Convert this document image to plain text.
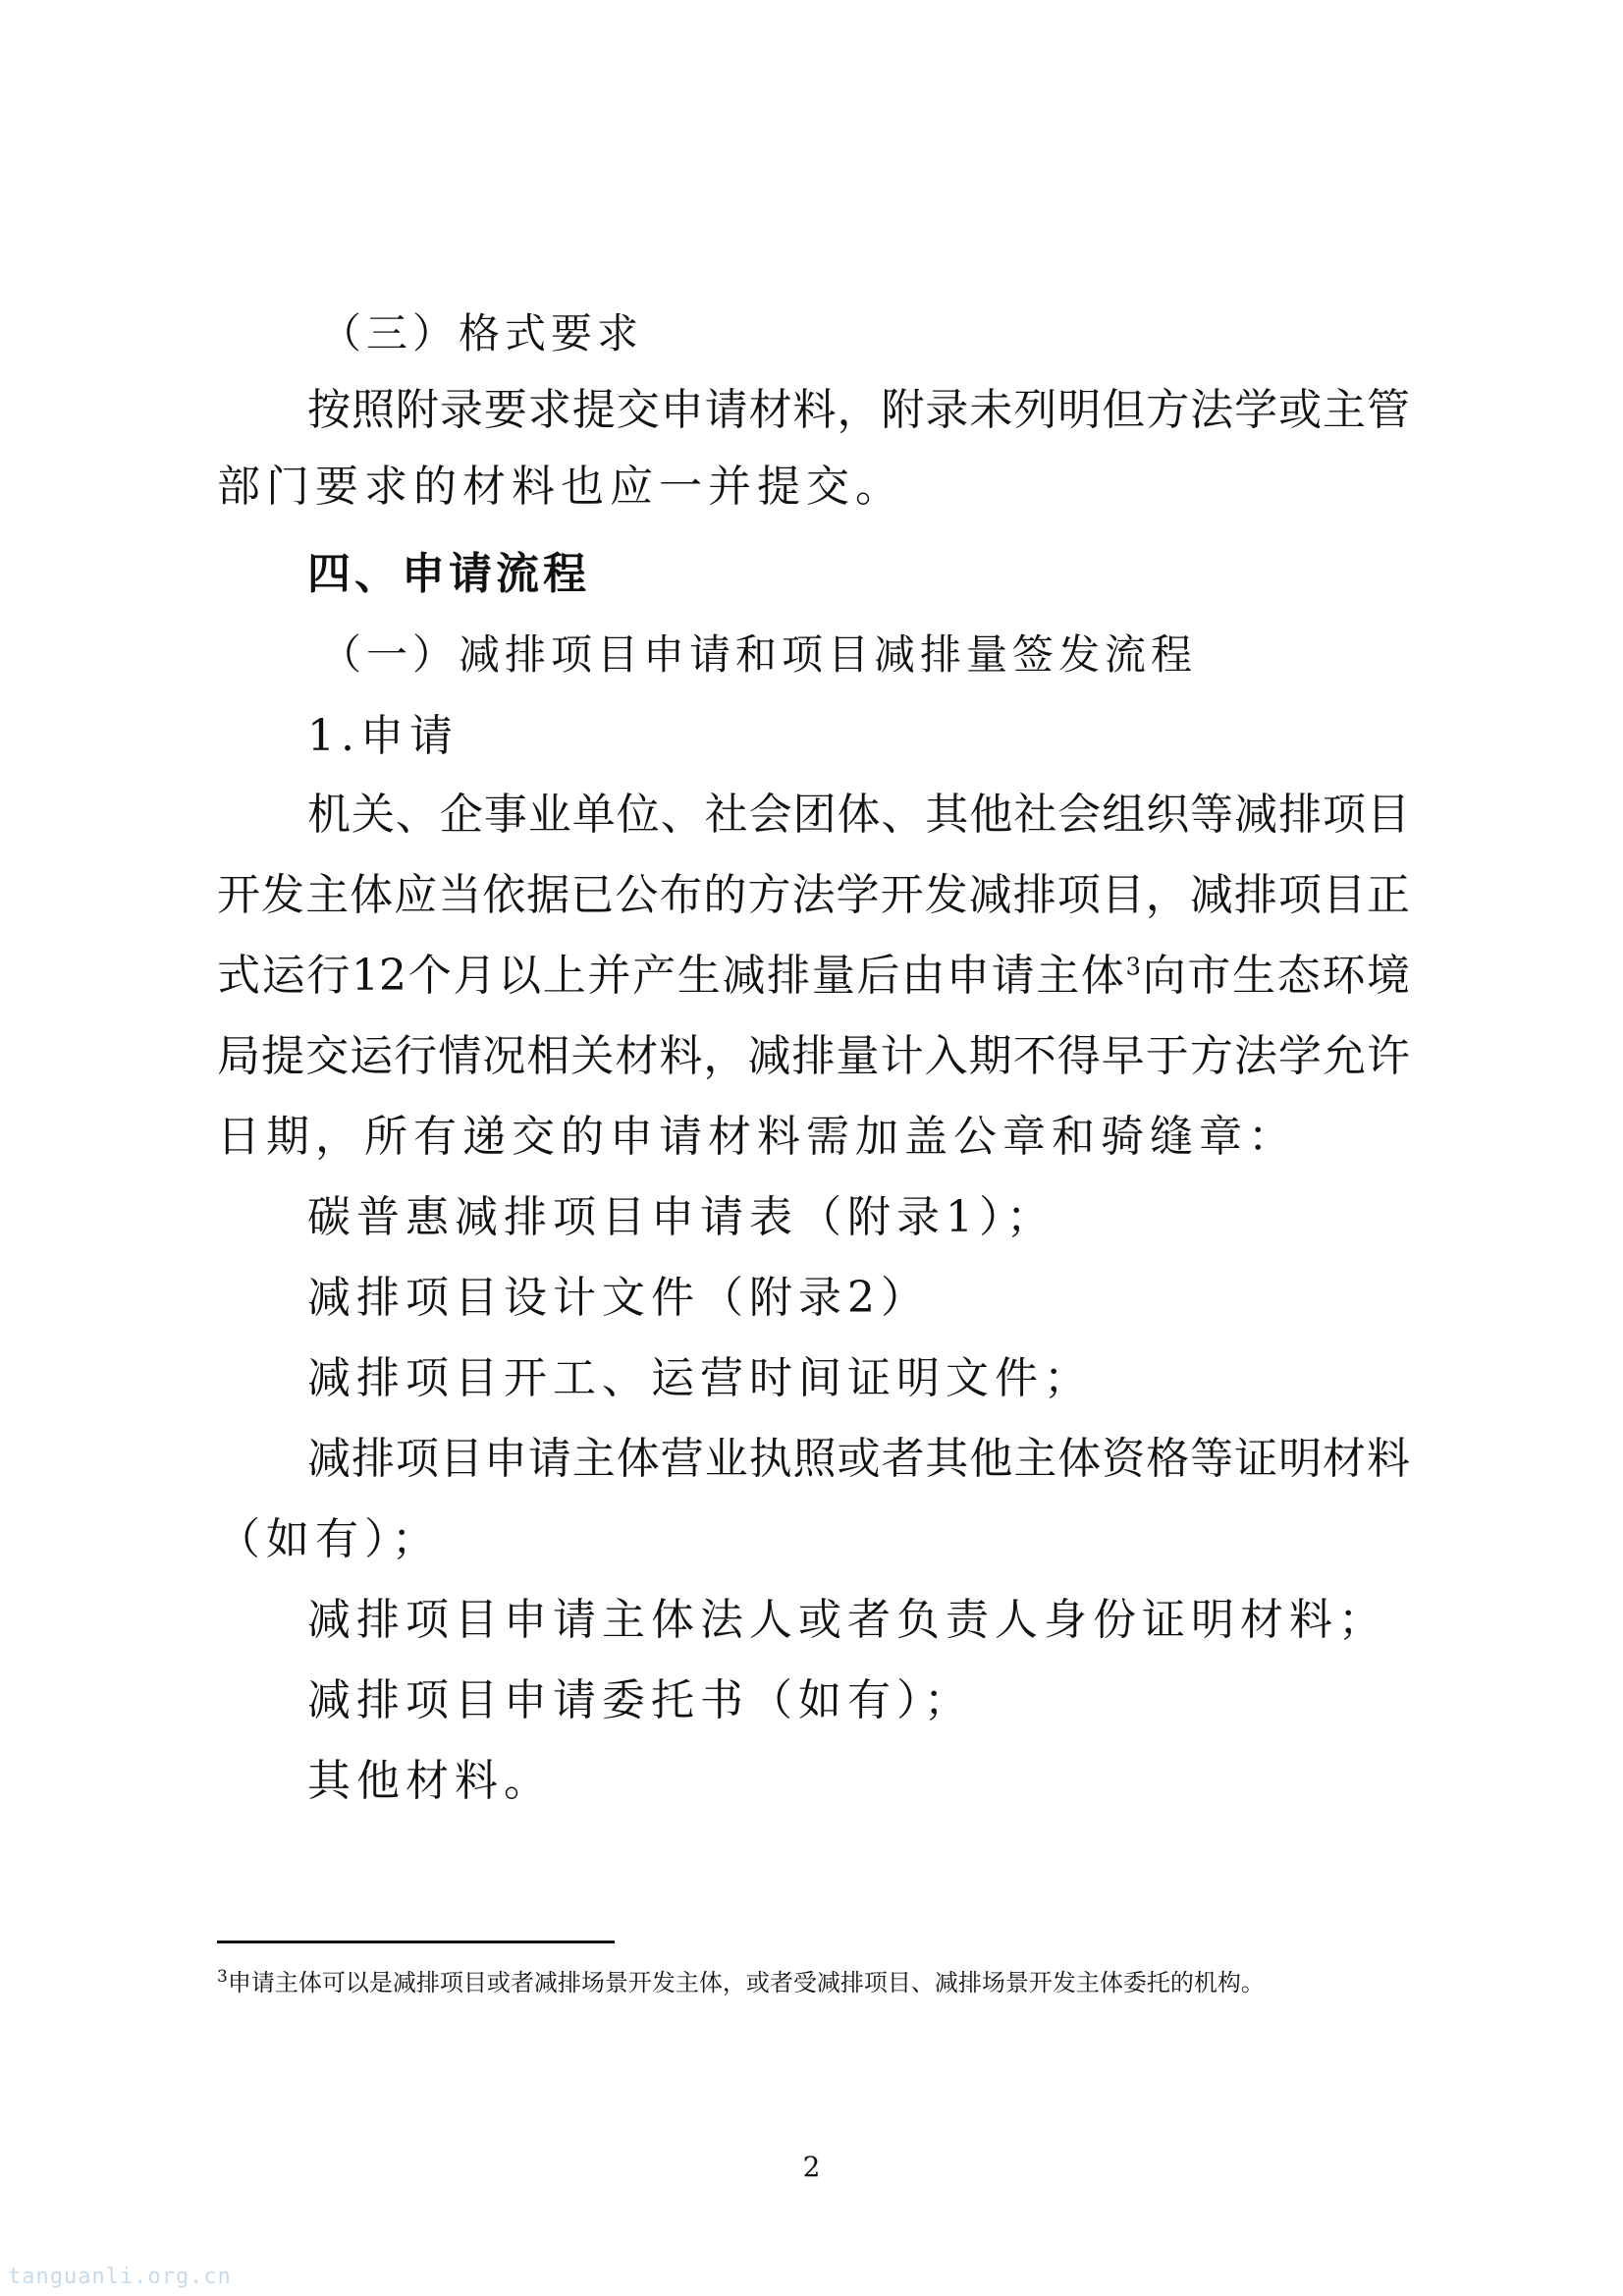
（三）格式要求
按照附录要求提交申请材料，附录未列明但方法学或主管
部门要求的材料也应一并提交。
四、申请流程
（一）减排项目申请和项目减排量签发流程
1.申请
机关、企事业单位、社会团体、其他社会组织等减排项目
开发主体应当依据已公布的方法学开发减排项目，减排项目正
式运行12个月以上并产生减排量后由申请主体$^3$向市生态环境
局提交运行情况相关材料，减排量计入期不得早于方法学允许
日期，所有递交的申请材料需加盖公章和骑缝章：
碳普惠减排项目申请表（附录1）；
减排项目设计文件（附录2）
减排项目开工、运营时间证明文件；
减排项目申请主体营业执照或者其他主体资格等证明材料
（如有）；
减排项目申请主体法人或者负责人身份证明材料；
减排项目申请委托书（如有）；
其他材料。
$^3$申请主体可以是减排项目或者减排场景开发主体，或者受减排项目、减排场景开发主体委托的机构。
2
tanguanli.org.cn
